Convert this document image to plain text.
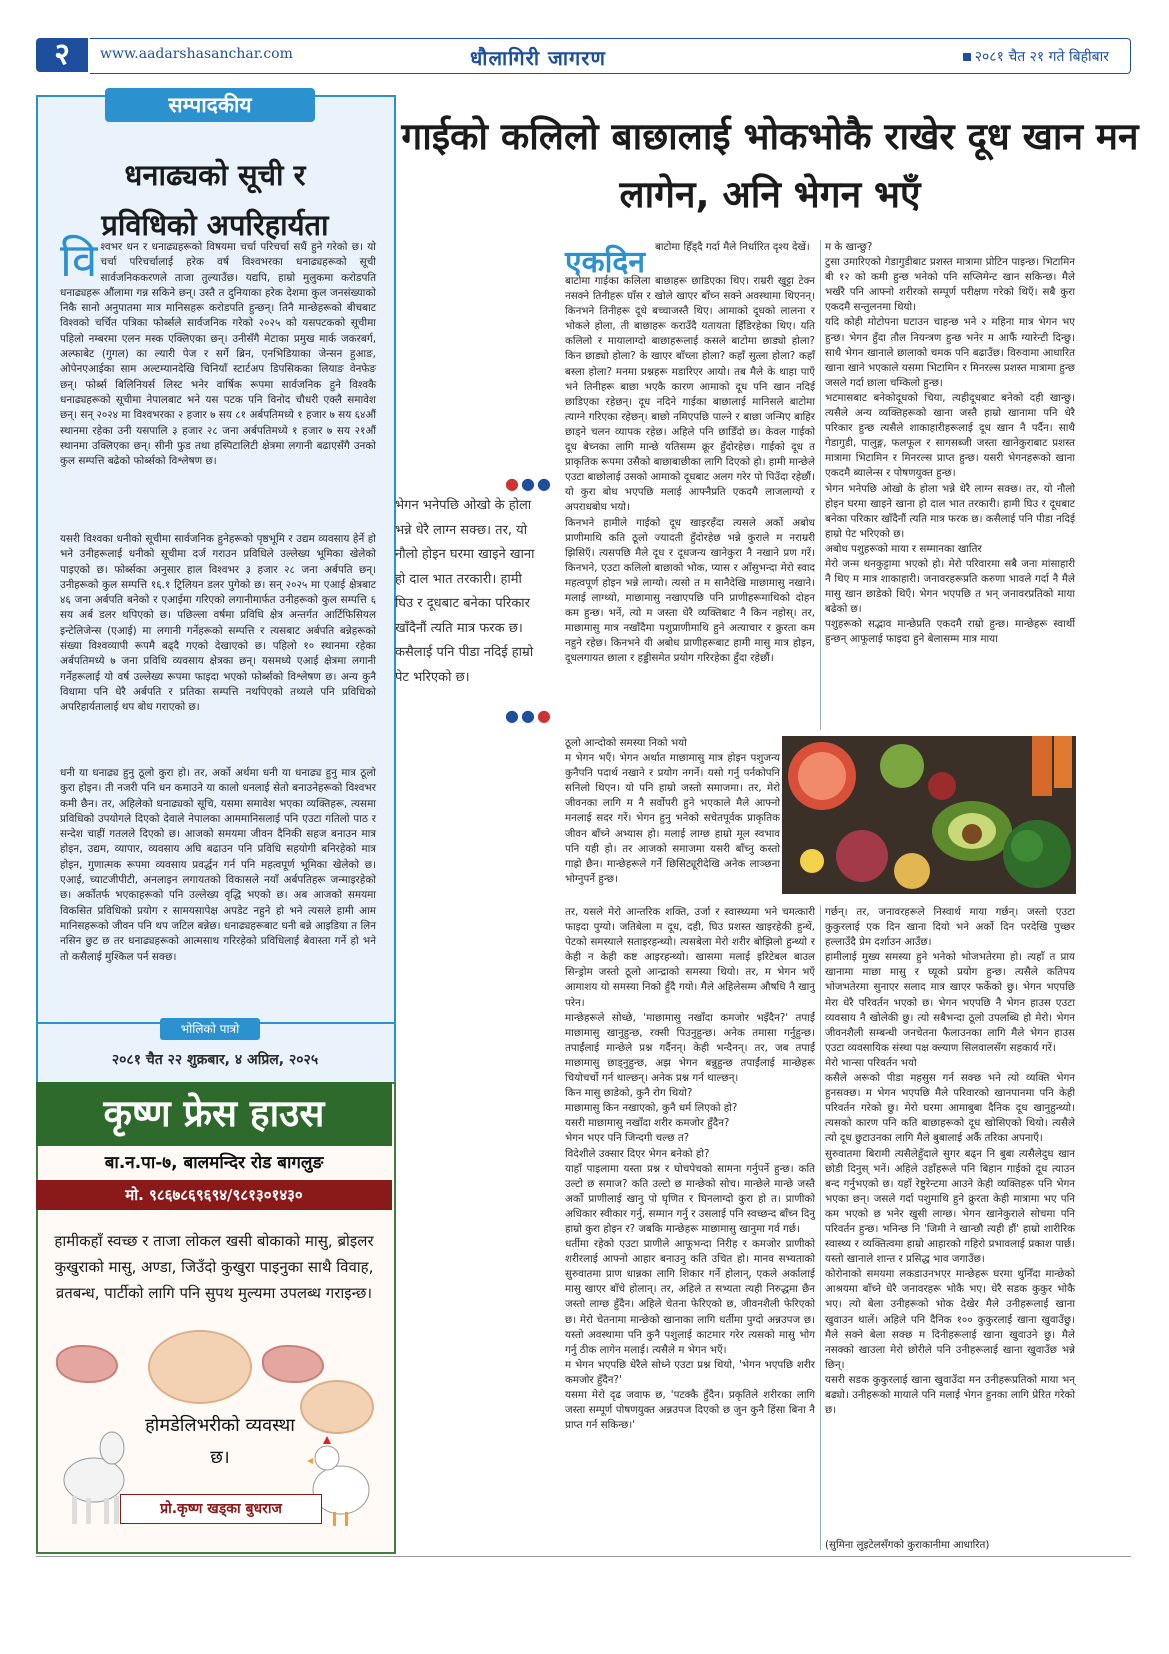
२	www.aadarshasanchar.com	धौलागिरी जागरण	२०८१ चैत २१ गते बिहीबार
सम्पादकीय
धनाढ्यको सूची र
प्रविधिको अपरिहार्यता
विश्वभर धन र धनाढ्यहरूको विषयमा चर्चा परिचर्चा सधैं हुने गरेको छ। यो चर्चा परिचर्चालाई हरेक वर्ष विश्वभरका धनाढ्यहरूको सूची सार्वजनिककरणले ताजा तुल्याउँछ। यद्यपि, हाम्रो मुलुकमा करोडपति धनाढ्यहरू औंलामा गन्न सकिने छन्। उस्तै त दुनियाका हरेक देशमा कुल जनसंख्याको निकै सानो अनुपातमा मात्र मानिसहरू करोडपति हुन्छन्। तिनै मान्छेहरूको बीचबाट विश्वको चर्चित पत्रिका फोर्ब्सले सार्वजनिक गरेको २०२५ को यसपटकको सूचीमा पहिलो नम्बरमा एलन मस्क एक्लिएका छन्। उनीसँगै मेटाका प्रमुख मार्क जकरबर्ग, अल्फाबेट (गुगल) का ल्यारी पेज र सर्गे ब्रिन, एनभिडियाका जेन्सन हुआङ, ओपेनएआईका साम अल्टम्यानदेखि चिनियाँ स्टार्टअप डिपसिकका लियाङ वेनफेङ छन्। फोर्ब्स बिलिनियर्स लिस्ट भनेर वार्षिक रूपमा सार्वजनिक हुने विश्वकै धनाढ्यहरूको सूचीमा नेपालबाट भने यस पटक पनि विनोद चौधरी एक्लै समावेश छन्। सन् २०२४ मा विश्वभरका २ हजार ७ सय ८१ अर्बपतिमध्ये १ हजार ७ सय ६४औं स्थानमा रहेका उनी यसपालि ३ हजार २८ जना अर्बपतिमध्ये १ हजार ७ सय २१औं स्थानमा उक्लिएका छन्। सीनी फुड तथा हस्पिटालिटी क्षेत्रमा लगानी बढाएसँगै उनको कुल सम्पत्ति बढेको फोर्ब्सको विश्लेषण छ।
यसरी विश्वका धनीको सूचीमा सार्वजनिक हुनेहरूको पृष्ठभूमि र उद्यम व्यवसाय हेर्ने हो भने उनीहरूलाई धनीको सूचीमा दर्ज गराउन प्रविधिले उल्लेख्य भूमिका खेलेको पाइएको छ। फोर्ब्सका अनुसार हाल विश्वभर ३ हजार २८ जना अर्बपति छन्। उनीहरूको कुल सम्पत्ति १६.१ ट्रिलियन डलर पुगेको छ। सन् २०२५ मा एआई क्षेत्रबाट ४६ जना अर्बपति बनेको र एआईमा गरिएको लगानीमार्फत उनीहरूको कुल सम्पत्ति ६ सय अर्ब डलर थपिएको छ। पछिल्ला वर्षमा प्रविधि क्षेत्र अन्तर्गत आर्टिफिसियल इन्टेलिजेन्स (एआई) मा लगानी गर्नेहरूको सम्पत्ति र त्यसबाट अर्बपति बन्नेहरूको संख्या विश्वव्यापी रूपमै बढ्दै गएको देखाएको छ। पहिलो १० स्थानमा रहेका अर्बपतिमध्ये ७ जना प्रविधि व्यवसाय क्षेत्रका छन्। यसमध्ये एआई क्षेत्रमा लगानी गर्नेहरूलाई यो वर्ष उल्लेख्य रूपमा फाइदा भएको फोर्ब्सको विश्लेषण छ। अन्य कुनै विधामा पनि धेरै अर्बपति र प्रतिका सम्पत्ति नथपिएको तथ्यले पनि प्रविधिको अपरिहार्यतालाई थप बोध गराएको छ।
धनी या धनाढ्य हुनु ठूलो कुरा हो। तर, अर्को अर्थमा धनी या धनाढ्य हुनु मात्र ठूलो कुरा होइन। ती नजरी पनि धन कमाउने या कालो धनलाई सेतो बनाउनेहरूको विश्वभर कमी छैन। तर, अहिलेको धनाढ्यको सूचि, यसमा समावेश भएका व्यक्तिहरू, त्यसमा प्रविधिको उपयोगले दिएको देवाले नेपालका आममानिसलाई पनि एउटा गतिलो पाठ र सन्देश चाहीं गतलले दिएको छ। आजको समयमा जीवन दैनिकी सहज बनाउन मात्र होइन, उद्यम, व्यापार, व्यवसाय अघि बढाउन पनि प्रविधि सहयोगी बनिरहेको मात्र होइन, गुणात्मक रूपमा व्यवसाय प्रवर्द्धन गर्न पनि महत्वपूर्ण भूमिका खेलेको छ। एआई, च्याटजीपीटी, अनलाइन लगायतको विकासले नयाँ अर्बपतिहरू जन्माइरहेको छ। अर्कोतर्फ भएकाहरूको पनि उल्लेख्य वृद्धि भएको छ। अब आजको समयमा विकसित प्रविधिको प्रयोग र सामयसापेक्ष अपडेट नहुने हो भने त्यसले हामी आम मानिसहरूको जीवन पनि थप जटिल बन्नेछ। धनाढ्यहरूबाट धनी बन्ने आइडिया त लिन नसिन छुट छ तर धनाढ्यहरूको आत्मसाथ गरिरहेको प्रविधिलाई बेवास्ता गर्ने हो भने तो कसैलाई मुश्किल पर्न सक्छ।
भोलिको पात्रो
२०८१ चैत २२ शुक्रबार, ४ अप्रिल, २०२५
कृष्ण फ्रेस हाउस
बा.न.पा-७, बालमन्दिर रोड बागलुङ
मो. ९८६७८६९६९४/९८१३०१४३०
हामीकहाँ स्वच्छ र ताजा लोकल खसी बोकाको मासु, ब्रोइलर कुखुराको मासु, अण्डा, जिउँदो कुखुरा पाइनुका साथै विवाह, व्रतबन्ध, पार्टीको लागि पनि सुपथ मुल्यमा उपलब्ध गराइन्छ।
होमडेलिभरीको व्यवस्था छ।
प्रो.कृष्ण खड्का बुधराज
गाईको कलिलो बाछालाई भोकभोकै राखेर दूध खान मन लागेन, अनि भेगन भएँ
एकदिन बाटोमा हिँड्दै गर्दा मैले निर्धारित दृश्य देखें।
बाटोमा गाईका कलिला बाछाहरू छाडिएका थिए। राम्ररी खुट्टा टेक्न नसक्ने तिनीहरू घाँस र खोले खाएर बाँच्न सक्ने अवस्थामा थिएनन्। किनभने तिनीहरू दूधे बच्चाजस्तै थिए। आमाको दूधको लालना र भोकले होला, ती बाछाहरू कराउँदै यतायता हिँडिरहेका थिए। यति कलिलो र मायालाग्दो बाछाहरूलाई कसले बाटोमा छाड्यो होला? किन छाड्यो होला? के खाएर बाँच्ला होला? कहाँ सुत्ला होला? कहाँ बस्ला होला? मनमा प्रश्नहरू मडारिएर आयो। तब मैले के थाहा पाएँ भने तिनीहरू बाछा भएकै कारण आमाको दूध पनि खान नदिई छाडिएका रहेछन्। दूध नदिने गाईका बाछालाई मानिसले बाटोमा त्याग्ने गरिएका रहेछन्। बाछो नमिएपछि पाल्ने र बाछा जन्मिए बाहिर छाड्ने चलन व्यापक रहेछ। अहिले पनि छाडिँदो छ। केवल गाईको दूध बेच्नका लागि मान्छे यतिसम्म क्रूर हुँदोरहेछ। गाईको दूध त प्राकृतिक रूपमा उसैको बाछाबाछीका लागि दिएको हो। हामी मान्छेले एउटा बाछोलाई उसको आमाको दूधबाट अलग गरेर पो पिउँदा रहेछौं। यो कुरा बोध भएपछि मलाई आफ्नैप्रति एकदमै लाजलाग्यो र अपराधबोध भयो।
किनभने हामीले गाईको दूध खाइरहँदा त्यसले अर्को अबोध प्राणीमाथि कति ठूलो ज्यादती हुँदोरहेछ भन्ने कुराले म नराम्ररी झिसिएँ। त्यसपछि मैले दूध र दूधजन्य खानेकुरा नै नखाने प्रण गरें। किनभने, एउटा कलिलो बाछाको भोक, प्यास र आँसुभन्दा मेरो स्वाद महत्वपूर्ण होइन भन्ने लाग्यो। त्यसो त म सानैदेखि माछामासु नखाने। मलाई लाग्थ्यो, माछामासु नखाएपछि पनि प्राणीहरूमाथिको दोहन कम हुन्छ। भनें, त्यो म जस्ता धेरै व्यक्तिबाट नै किन नहोस्। तर, माछामासु मात्र नखाँदैमा पशुप्राणीमाथि हुने अत्याचार र क्रुरता कम नहुने रहेछ। किनभने यी अबोध प्राणीहरूबाट हामी मासु मात्र होइन, दूधलगायत छाला र हड्डीसमेत प्रयोग गरिरहेका हुँदा रहेछौं।
म के खान्छु?
टुसा उमारिएको गेडागुडीबाट प्रशस्त मात्रामा प्रोटिन पाइन्छ। भिटामिन बी १२ को कमी हुन्छ भनेको पनि सप्लिमेन्ट खान सकिन्छ। मैले भर्खरै पनि आफ्नो शरीरको सम्पूर्ण परीक्षण गरेको थिएँ। सबै कुरा एकदमै सन्तुलनमा थियो।
यदि कोही मोटोपना घटाउन चाहन्छ भने २ महिना मात्र भेगन भए हुन्छ। भेगन हुँदा तौल नियन्त्रण हुन्छ भनेर म आफैं ग्यारेन्टी दिन्छु। साथै भेगन खानाले छालाको चमक पनि बढाउँछ। विरुवामा आधारित खाना खाने भएकाले यसमा भिटामिन र मिनरल्स प्रशस्त मात्रामा हुन्छ जसले गर्दा छाला चम्किलो हुन्छ।
भटमासबाट बनेकोदूधको चिया, त्यहीदूधबाट बनेको दही खान्छु। त्यसैले अन्य व्यक्तिहरूको खाना जस्तै हाम्रो खानामा पनि धेरै परिकार हुन्छ त्यसैले शाकाहारीहरूलाई दूध खान नै पर्दैन। साथै गेडागुडी, पालुङ्ग, फलफूल र सागसब्जी जस्ता खानेकुराबाट प्रशस्त मात्रामा भिटामिन र मिनरल्स प्राप्त हुन्छ। यसरी भेगनहरूको खाना एकदमै ब्यालेन्स र पोषणयुक्त हुन्छ।
भेगन भनेपछि ओखो के होला भन्ने धेरै लाग्न सक्छ। तर, यो नौलो होइन घरमा खाइने खाना हो दाल भात तरकारी। हामी घिउ र दूधबाट बनेका परिकार खाँदैनौं त्यति मात्र फरक छ। कसैलाई पनि पीडा नदिई हाम्रो पेट भरिएको छ।
अबोध पशुहरूको माया र सम्मानका खातिर
मेरो जन्म थनकुट्टामा भएको हो। मेरो परिवारमा सबै जना मांसाहारी नै थिए म मात्र शाकाहारी। जनावरहरूप्रति करुणा भावले गर्दा नै मैले मासु खान छाडेको थिएँ। भेगन भएपछि त भन् जनावरप्रतिको माया बढेको छ।
पशुहरूको सद्भाव मान्छेप्रति एकदमै राम्रो हुन्छ। मान्छेहरू स्वार्थी हुन्छन् आफूलाई फाइदा हुने बेलासम्म मात्र माया
●●●
भेगन भनेपछि ओखो के होला भन्ने धेरै लाग्न सक्छ। तर, यो नौलो होइन घरमा खाइने खाना हो दाल भात तरकारी। हामी घिउ र दूधबाट बनेका परिकार खाँदैनौं त्यति मात्र फरक छ। कसैलाई पनि पीडा नदिई हाम्रो पेट भरिएको छ।
●●●
ठूलो आन्दोको समस्या निको भयो
म भेगन भएँ। भेगन अर्थात माछामासु मात्र होइन पशुजन्य कुनैपनि पदार्थ नखाने र प्रयोग नगर्ने। यसो गर्नु पर्नकोपनि सनिलो थिएन। यो पनि हाम्रो जस्तो समाजमा। तर, मेरो जीवनका लागि म नै सर्वोपरी हुने भएकाले मैले आफ्नो मनलाई सदर गरें। भेगन हुनु भनेको सचेतपूर्वक प्राकृतिक जीवन बाँच्ने अभ्यास हो। मलाई लाग्छ हाम्रो मूल स्वभाव पनि यही हो। तर आजको समाजमा यसरी बाँच्नु कस्तो गाह्रो छैन। मान्छेहरूले गर्ने छिसिट्यूरीदेखि अनेक लाञ्छना भोग्नुपर्ने हुन्छ।
तर, यसले मेरो आन्तरिक शक्ति, उर्जा र स्वास्थ्यमा भने चमत्कारी फाइदा पुग्यो। जतिबेला म दूध, दही, घिउ प्रशस्त खाइरहेकी हुन्थें, पेटको समस्याले सताइरहन्थ्यो। त्यसबेला मेरो शरीर बोझिलो हुन्थ्यो र केही न केही कष्ट आइरहन्थ्यो। खासमा मलाई इरिटेबल बाउल सिन्ड्रोम जस्तो ठूलो आन्द्राको समस्या थियो। तर, म भेगन भएँ आमाशय यो समस्या निको हुँदै गयो। मैले अहिलेसम्म औषधि नै खानु परेन।
मान्छेहरूले सोध्छे, 'माछामासु नखाँदा कमजोर भइँदैन?' तपाईं माछामासु खानुहुन्छ, रक्सी पिउनुहुन्छ। अनेक तमासा गर्नुहुन्छ। तपाईंलाई मान्छेले प्रश्न गर्दैनन्। केही भन्दैनन्। तर, जब तपाईं माछामासु छाड्नुहुन्छ, अझ भेगन बन्नुहुन्छ तपाईंलाई मान्छेहरू चियोचर्चो गर्न थाल्छन्। अनेक प्रश्न गर्न थाल्छन्।
किन मासु छाडेको, कुनै रोग थियो?
माछामासु किन नखाएको, कुनै धर्म लिएको हो?
यसरी माछामासु नखाँदा शरीर कमजोर हुँदैन?
भेगन भएर पनि जिन्दगी चल्छ त?
विदेशीले उक्सार दिएर भेगन बनेको हो?
याहाँ पाइलामा यस्ता प्रश्न र घोचपेचको सामना गर्नुपर्ने हुन्छ। कति उल्टो छ समाज? कति उल्टो छ मान्छेको सोच। मान्छेले मान्छे जस्तै अर्को प्राणीलाई खानु पो घृणित र घिनलाग्दो कुरा हो त। प्राणीको अधिकार स्वीकार गर्नु, सम्मान गर्नु र उसलाई पनि स्वच्छन्द बाँच्न दिनु हाम्रो कुरा होइन र? जबकि मान्छेहरू माछामासु खानुमा गर्व गर्छ।
धर्तीमा रहेको एउटा प्राणीले आफूभन्दा निरीह र कमजोर प्राणीको शरीरलाई आफ्नो आहार बनाउनु कति उचित हो। मानव सभ्यताको सुरुवातमा प्राण धान्नका लागि शिकार गर्ने होलान्, एकले अर्कालाई मासु खाएर बाँचे होलान्। तर, अहिले त सभ्यता त्यही निरुद्धमा छैन जस्तो लाग्छ हुँदैन। अहिले चेतना फेरिएको छ, जीवनशैली फेरिएको छ। मेरो चेतनामा मान्छेको खानाका लागि धर्तीमा पुग्दो अन्नउपज छ। यस्तो अवस्थामा पनि कुनै पशुलाई काटमार गरेर त्यसको मासु भोग गर्नु ठीक लागेन मलाई। त्यसैले म भेगन भएँ।
म भेगन भएपछि धेरैले सोध्ने एउटा प्रश्न थियो, 'भेगन भएपछि शरीर कमजोर हुँदैन?'
यसमा मेरो दृढ जवाफ छ, 'पटक्कै हुँदैन। प्रकृतिले शरीरका लागि जस्ता सम्पूर्ण पोषणयुक्त अन्नउपज दिएको छ जुन कुनै हिंसा बिना नै प्राप्त गर्न सकिन्छ।'
गर्छन्। तर, जनावरहरूले निस्वार्थ माया गर्छन्। जस्तो एउटा कुकुरलाई एक दिन खाना दियो भने अर्को दिन परदेखि पुच्छर हल्लाउँदै प्रेम दर्शाउन आउँछ।
हामीलाई मुख्य समस्या हुने भनेको भोजभतेरमा हो। त्यहाँ त प्राय खानामा माछा मासु र घ्यूको प्रयोग हुन्छ। त्यसैले कतिपय भोजभतेरमा सुनाएर सलाद मात्र खाएर फर्केको छु। भेगन भएपछि मेरा धेरै परिवर्तन भएको छ। भेगन भएपछि नै भेगन हाउस एउटा व्यवसाय नै खोलेकी छु। त्यो सबैभन्दा ठूलो उपलब्धि हो मेरो। भेगन जीवनशैली सम्बन्धी जनचेतना फैलाउनका लागि मैले भेगन हाउस एउटा व्यवसायिक संस्था पक्ष क्ल्याण सिलवालसँग सहकार्य गरें।
मेरो भान्सा परिवर्तन भयो
कसैले अरूको पीडा महसुस गर्न सक्छ भने त्यो व्यक्ति भेगन हुनसक्छ। म भेगन भएपछि मैले परिवारको खानपानमा पनि केही परिवर्तन गरेको छु। मेरो घरमा आमाबुबा दैनिक दूध खानुहुन्थ्यो। त्यसको कारण पनि कति बाछाहरूको दूध खोसिएको थियो। त्यसैले त्यो दूध छुटाउनका लागि मैले बुबालाई अर्कै तरिका अपनाएँ।
सुरुवातमा बिरामी त्यसैलेहुँदाले सुगर बढ्न नि बुबा त्यसैलेदुध खान छोडी दिनुस् भनें। अहिले उहाँहरूले पनि बिहान गाईको दूध त्याउन बन्द गर्नुभएको छ। यहाँ रेष्टुरेन्टमा आउने केही व्यक्तिहरू पनि भेगन भएका छन्। जसले गर्दा पशुमाथि हुने क्रुरता केही मात्रामा भए पनि कम भएको छ भनेर खुसी लाग्छ। भेगन खानेकुराले सोचमा पनि परिवर्तन हुन्छ। भनिन्छ नि 'जिमी ने खान्छौ त्यही हौं' हाम्रो शारीरिक स्वास्थ्य र व्यक्तित्वमा हाम्रो आहारको गहिरो प्रभावलाई प्रकाश पार्छ। यस्तो खानाले शान्त र प्रसिद्ध भाव जगाउँछ।
कोरोनाको समयमा लकडाउनभएर मान्छेहरू घरमा थुनिँदा मान्छेको आश्रयमा बाँच्ने धेरै जनावरहरू भोकै भए। धेरै सडक कुकुर भोकै भए। त्यो बेला उनीहरूको भोक देखेर मैले उनीहरूलाई खाना खुवाउन थालें। अहिले पनि दैनिक १०० कुकुरलाई खाना खुवाउँछु। मैले सक्ने बेला सक्छ म दिनीहरूलाई खाना खुवाउने छु। मैले नसक्को खाउला मेरो छोरीले पनि उनीहरूलाई खाना खुवाउँछ भन्ने छिन्।
यसरी सडक कुकुरलाई खाना खुवाउँदा मन उनीहरूप्रतिको माया भन् बढ्यो। उनीहरूको मायाले पनि मलाई भेगन हुनका लागि प्रेरित गरेको छ।
(सुमिना लुइटेलसँगको कुराकानीमा आधारित)
